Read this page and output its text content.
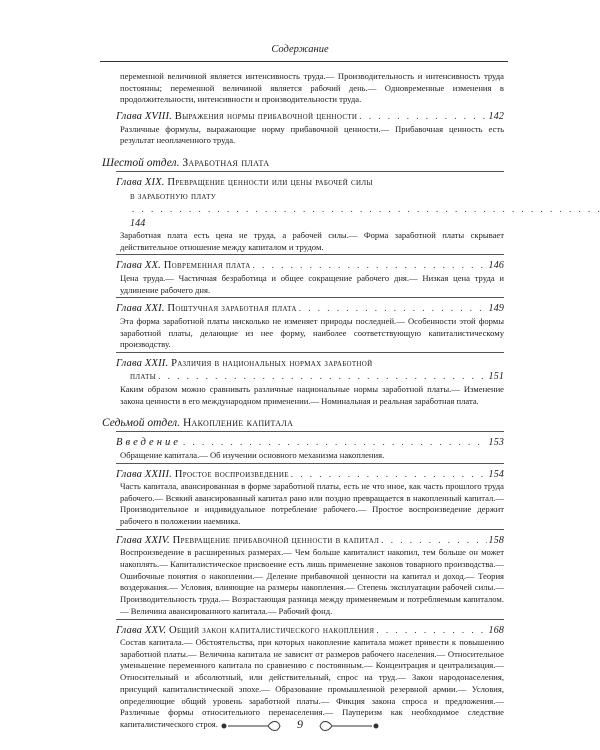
Содержание

переменной величиной является интенсивность труда.— Производительность и интенсивность труда постоянны; переменной величиной является рабочий день.— Одновременные изменения в продолжительности, интенсивности и производительности труда.

Глава XVIII. Выражения нормы прибавочной ценности . . .	142

Различные формулы, выражающие норму прибавочной ценности.— Прибавочная ценность есть результат неоплаченного труда.

Шестой отдел. Заработная плата
Глава XIX. Превращение ценности или цены рабочей силы
в заработную плату . . . 144

Заработная плата есть цена не труда, а рабочей силы.— Форма заработной платы скрывает действительное отношение между капиталом и трудом.

Глава XX. Повременная плата . . .	146

Цена труда.— Частичная безработица и общее сокращение рабочего дня.— Низкая цена труда и удлинение рабочего дня.

Глава XXI. Поштучная заработная плата . . .	149

Эта форма заработной платы нисколько не изменяет природы последней.— Особенности этой формы заработной платы, делающие из нее форму, наиболее соответствующую капиталистическому производству.

Глава XXII. Различия в национальных нормах заработной
платы . . .	151

Каким образом можно сравнивать различные национальные нормы заработной платы.— Изменение закона ценности в его международном применении.— Номинальная и реальная заработная плата.

Седьмой отдел. Накопление капитала
Введение . . .	153

Обращение капитала.— Об изучении основного механизма накопления.

Глава XXIII. Простое воспроизведение . . .	154

Часть капитала, авансированная в форме заработной платы, есть не что иное, как часть прошлого труда рабочего.— Всякий авансированный капитал рано или поздно превращается в накопленный капитал.— Производительное и индивидуальное потребление рабочего.— Простое воспроизведение держит рабочего в положении наемника.

Глава XXIV. Превращение прибавочной ценности в капитал . . .	158

Воспроизведение в расширенных размерах.— Чем больше капиталист накопил, тем больше он может накоплять.— Капиталистическое присвоение есть лишь применение законов товарного производства.— Ошибочные понятия о накоплении.— Деление прибавочной ценности на капитал и доход.— Теория воздержания.— Условия, влияющие на размеры накопления.— Степень эксплуатации рабочей силы.— Производительность труда.— Возрастающая разница между применяемым и потребляемым капиталом.— Величина авансированного капитала.— Рабочий фонд.

Глава XXV. Общий закон капиталистического накопления . . .	168

Состав капитала.— Обстоятельства, при которых накопление капитала может привести к повышению заработной платы.— Величина капитала не зависит от размеров рабочего населения.— Относительное уменьшение переменного капитала по сравнению с постоянным.— Концентрация и централизация.— Относительный и абсолютный, или действительный, спрос на труд.— Закон народонаселения, присущий капиталистической эпохе.— Образование промышленной резервной армии.— Условия, определяющие общий уровень заработной платы.— Фикция закона спроса и предложения.— Различные формы относительного перенаселения.— Пауперизм как необходимое следствие капиталистического строя.	9
